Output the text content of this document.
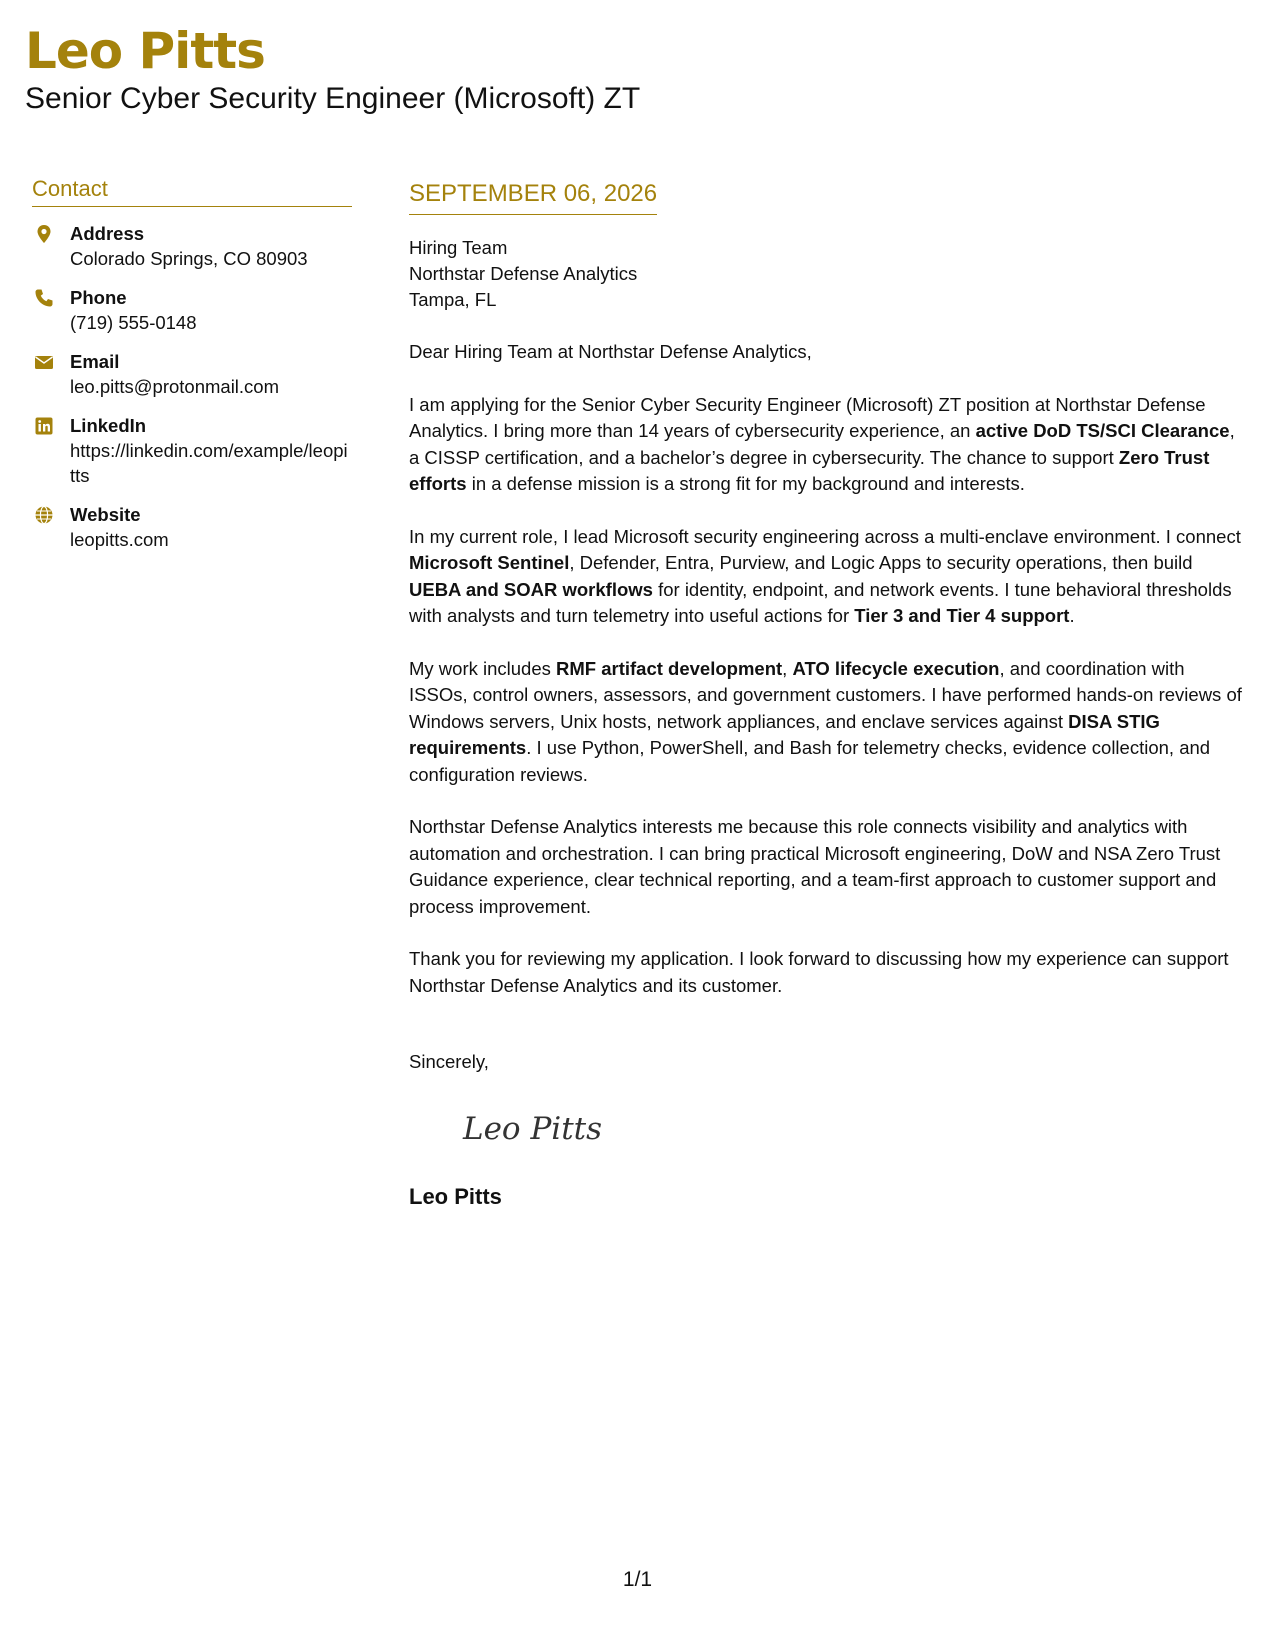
Leo Pitts
Senior Cyber Security Engineer (Microsoft) ZT
Contact
Address
Colorado Springs, CO 80903
Phone
(719) 555-0148
Email
leo.pitts@protonmail.com
LinkedIn
https://linkedin.com/example/leopitts
Website
leopitts.com
SEPTEMBER 06, 2026
Hiring Team
Northstar Defense Analytics
Tampa, FL
Dear Hiring Team at Northstar Defense Analytics,
I am applying for the Senior Cyber Security Engineer (Microsoft) ZT position at Northstar Defense Analytics. I bring more than 14 years of cybersecurity experience, an active DoD TS/SCI Clearance, a CISSP certification, and a bachelor’s degree in cybersecurity. The chance to support Zero Trust efforts in a defense mission is a strong fit for my background and interests.
In my current role, I lead Microsoft security engineering across a multi-enclave environment. I connect Microsoft Sentinel, Defender, Entra, Purview, and Logic Apps to security operations, then build UEBA and SOAR workflows for identity, endpoint, and network events. I tune behavioral thresholds with analysts and turn telemetry into useful actions for Tier 3 and Tier 4 support.
My work includes RMF artifact development, ATO lifecycle execution, and coordination with ISSOs, control owners, assessors, and government customers. I have performed hands-on reviews of Windows servers, Unix hosts, network appliances, and enclave services against DISA STIG requirements. I use Python, PowerShell, and Bash for telemetry checks, evidence collection, and configuration reviews.
Northstar Defense Analytics interests me because this role connects visibility and analytics with automation and orchestration. I can bring practical Microsoft engineering, DoW and NSA Zero Trust Guidance experience, clear technical reporting, and a team-first approach to customer support and process improvement.
Thank you for reviewing my application. I look forward to discussing how my experience can support Northstar Defense Analytics and its customer.
Sincerely,
Leo Pitts
Leo Pitts
1/1
